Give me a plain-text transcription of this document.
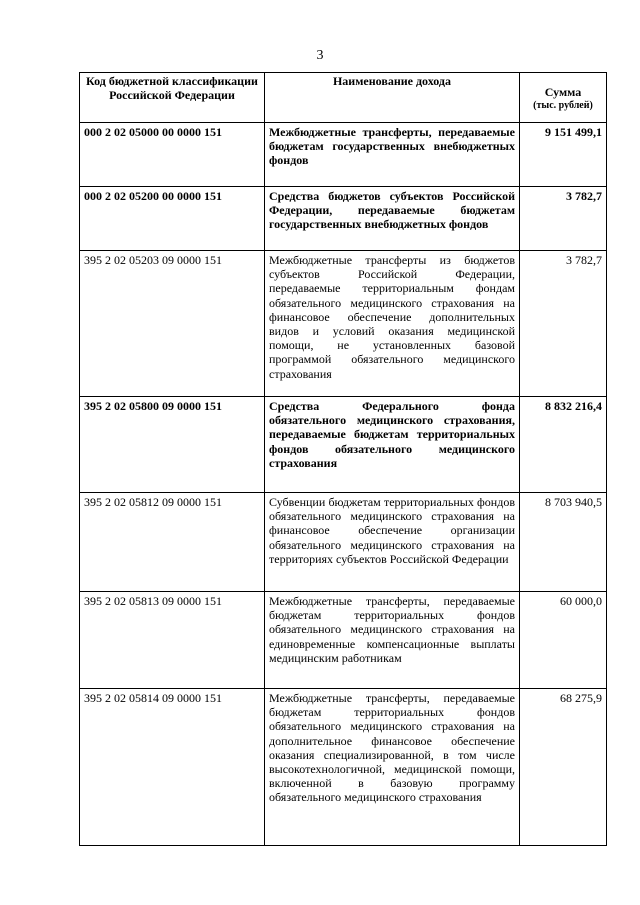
3
Код бюджетной классификации Российской Федерации	Наименование дохода	Сумма
(тыс. рублей)

000 2 02 05000 00 0000 151	Межбюджетные трансферты, передаваемые бюджетам государственных внебюджетных фондов	9 151 499,1
000 2 02 05200 00 0000 151	Средства бюджетов субъектов Российской Федерации, передаваемые бюджетам государственных внебюджетных фондов	3 782,7
395 2 02 05203 09 0000 151	Межбюджетные трансферты из бюджетов субъектов Российской Федерации, передаваемые территориальным фондам обязательного медицинского страхования на финансовое обеспечение дополнительных видов и условий оказания медицинской помощи, не установленных базовой программой обязательного медицинского страхования	3 782,7
395 2 02 05800 09 0000 151	Средства Федерального фонда обязательного медицинского страхования, передаваемые бюджетам территориальных фондов обязательного медицинского страхования	8 832 216,4
395 2 02 05812 09 0000 151	Субвенции бюджетам территориальных фондов обязательного медицинского страхования на финансовое обеспечение организации обязательного медицинского страхования на территориях субъектов Российской Федерации	8 703 940,5
395 2 02 05813 09 0000 151	Межбюджетные трансферты, передаваемые бюджетам территориальных фондов обязательного медицинского страхования на единовременные компенсационные выплаты медицинским работникам	60 000,0
395 2 02 05814 09 0000 151	Межбюджетные трансферты, передаваемые бюджетам территориальных фондов обязательного медицинского страхования на дополнительное финансовое обеспечение оказания специализированной, в том числе высокотехнологичной, медицинской помощи, включенной в базовую программу обязательного медицинского страхования	68 275,9
